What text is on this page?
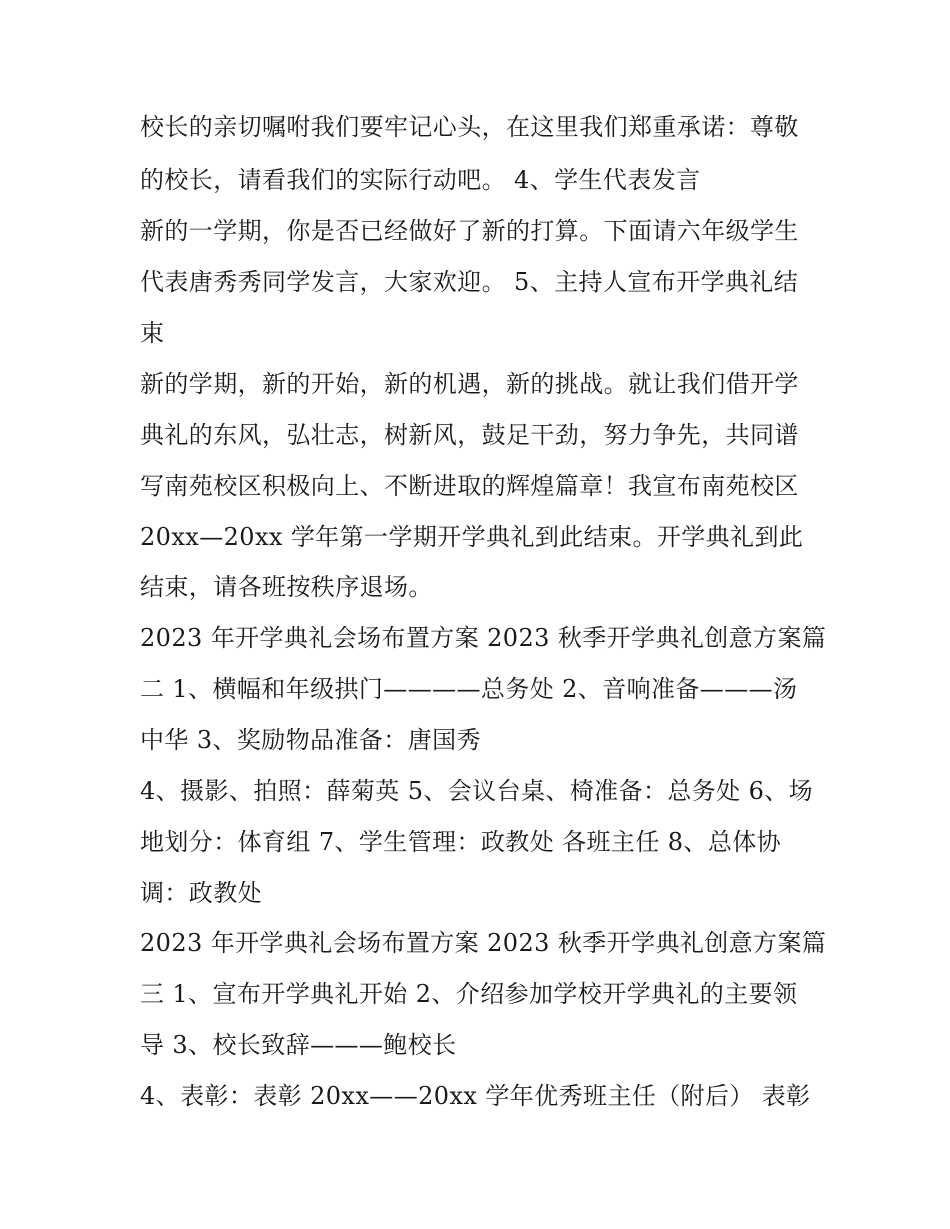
校长的亲切嘱咐我们要牢记心头，在这里我们郑重承诺：尊敬
的校长，请看我们的实际行动吧。 4、学生代表发言
新的一学期，你是否已经做好了新的打算。下面请六年级学生
代表唐秀秀同学发言，大家欢迎。 5、主持人宣布开学典礼结
束
新的学期，新的开始，新的机遇，新的挑战。就让我们借开学
典礼的东风，弘壮志，树新风，鼓足干劲，努力争先，共同谱
写南苑校区积极向上、不断进取的辉煌篇章！我宣布南苑校区
20xx—20xx 学年第一学期开学典礼到此结束。开学典礼到此
结束，请各班按秩序退场。
2023 年开学典礼会场布置方案 2023 秋季开学典礼创意方案篇
二 1、横幅和年级拱门————总务处 2、音响准备———汤
中华 3、奖励物品准备：唐国秀
4、摄影、拍照：薛菊英 5、会议台桌、椅准备：总务处 6、场
地划分：体育组 7、学生管理：政教处 各班主任 8、总体协
调：政教处
2023 年开学典礼会场布置方案 2023 秋季开学典礼创意方案篇
三 1、宣布开学典礼开始 2、介绍参加学校开学典礼的主要领
导 3、校长致辞———鲍校长
4、表彰：表彰 20xx——20xx 学年优秀班主任（附后） 表彰
